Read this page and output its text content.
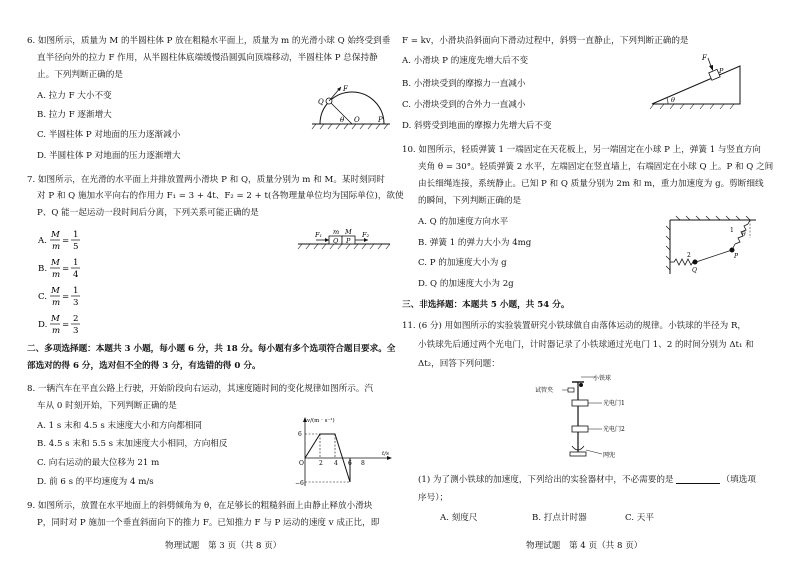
6. 如图所示，质量为 M 的半圆柱体 P 放在粗糙水平面上，质量为 m 的光滑小球 Q 始终受到垂
直半径向外的拉力 F 作用，从半圆柱体底端缓慢沿圆弧向顶端移动，半圆柱体 P 总保持静
止。下列判断正确的是
A. 拉力 F 大小不变
B. 拉力 F 逐渐增大
C. 半圆柱体 P 对地面的压力逐渐减小
D. 半圆柱体 P 对地面的压力逐渐增大
F
Q
θ O	P
7. 如图所示，在光滑的水平面上并排放置两小滑块 P 和 Q，质量分别为 m 和 M。某时刻同时
对 P 和 Q 施加水平向右的作用力 F₁ = 3 + 4t、F₂ = 2 + t(各物理量单位均为国际单位)，欲使
P、Q 能一起运动一段时间后分离，下列关系可能正确的是
A.
M
m
=
1
5
B.
M
m
=
1
4
C.
M
m
=
1
3
D.
M
m
=
2
3
F₁ m M
Q P
F₂
二、多项选择题：本题共 3 小题，每小题 6 分，共 18 分。每小题有多个选项符合题目要求。全
部选对的得 6 分，选对但不全的得 3 分，有选错的得 0 分。
8. 一辆汽车在平直公路上行驶，开始阶段向右运动，其速度随时间的变化规律如图所示。汽
车从 0 时刻开始，下列判断正确的是
A. 1 s 末和 4.5 s 末速度大小和方向都相同
B. 4.5 s 末和 5.5 s 末加速度大小相同，方向相反
C. 向右运动的最大位移为 21 m
D. 前 6 s 的平均速度为 4 m/s
v/(m · s⁻¹)
t/s
6
−6
O	2 4 6 8
9. 如图所示，放置在水平地面上的斜劈倾角为 θ，在足够长的粗糙斜面上由静止释放小滑块
P，同时对 P 施加一个垂直斜面向下的推力 F。已知推力 F 与 P 运动的速度 v 成正比，即
物理试题　第 3 页（共 8 页）
F = kv，小滑块沿斜面向下滑动过程中，斜劈一直静止，下列判断正确的是
A. 小滑块 P 的速度先增大后不变
B. 小滑块受到的摩擦力一直减小
C. 小滑块受到的合外力一直减小
D. 斜劈受到地面的摩擦力先增大后不变
F
P
θ
10. 如图所示，轻质弹簧 1 一端固定在天花板上，另一端固定在小球 P 上，弹簧 1 与竖直方向
夹角 θ = 30°。轻质弹簧 2 水平，左端固定在竖直墙上，右端固定在小球 Q 上。P 和 Q 之间
由长细绳连接，系统静止。已知 P 和 Q 质量分别为 2m 和 m，重力加速度为 g。剪断细线
的瞬间，下列判断正确的是
A. Q 的加速度方向水平
B. 弹簧 1 的弹力大小为 4mg
C. P 的加速度大小为 g
D. Q 的加速度大小为 2g
θ
1
P
2
Q
三、非选择题：本题共 5 小题，共 54 分。
11. (6 分) 用如图所示的实验装置研究小铁球做自由落体运动的规律。小铁球的半径为 R，
小铁球先后通过两个光电门，计时器记录了小铁球通过光电门 1、2 的时间分别为 Δt₁ 和
Δt₂，回答下列问题：
小铁球
试管夹
光电门1
光电门2
网兜
(1) 为了测小铁球的加速度，下列给出的实验器材中，不必需要的是	（填选项
序号）；
A. 刻度尺	B. 打点计时器	C. 天平
物理试题　第 4 页（共 8 页）
